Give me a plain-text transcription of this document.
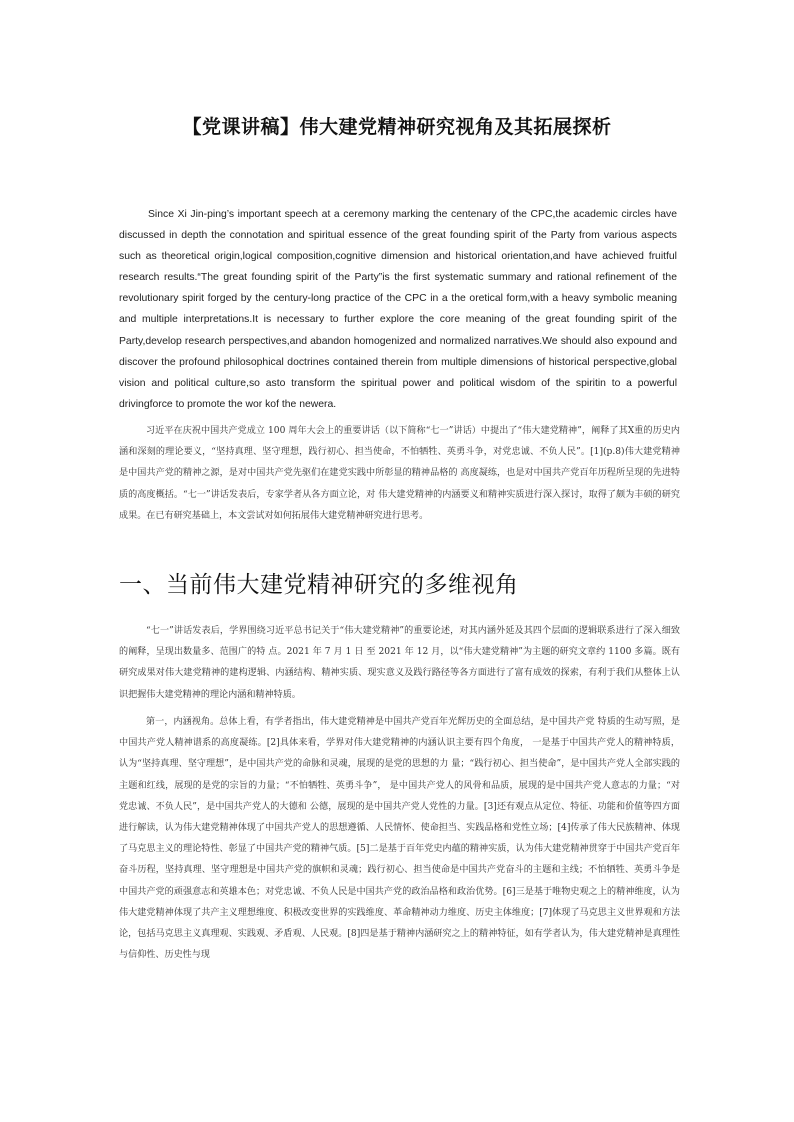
【党课讲稿】伟大建党精神研究视角及其拓展探析

Since Xi Jin-ping’s important speech at a ceremony marking the centenary of the CPC,the academic circles have discussed in depth the connotation and spiritual essence of the great founding spirit of the Party from various aspects such as theoretical origin,logical composition,cognitive dimension and historical orientation,and have achieved fruitful research results.“The great founding spirit of the Party”is the first systematic summary and rational refinement of the revolutionary spirit forged by the century-long practice of the CPC in a the oretical form,with a heavy symbolic meaning and multiple interpretations.It is necessary to further explore the core meaning of the great founding spirit of the Party,develop research perspectives,and abandon homogenized and normalized narratives.We should also expound and discover the profound philosophical doctrines contained therein from multiple dimensions of historical perspective,global vision and political culture,so asto transform the spiritual power and political wisdom of the spiritin to a powerful drivingforce to promote the wor kof the newera.

习近平在庆祝中国共产党成立 100 周年大会上的重要讲话（以下简称“七一”讲话）中提出了“伟大建党精神”，阐释了其X重的历史内涵和深刻的理论要义，“坚持真理、坚守理想，践行初心、担当使命，不怕牺牲、英勇斗争，对党忠诚、不负人民”。[1](p.8)伟大建党精神是中国共产党的精神之源，是对中国共产党先驱们在建党实践中所彰显的精神品格的 高度凝练，也是对中国共产党百年历程所呈现的先进特质的高度概括。“七一”讲话发表后，专家学者从各方面立论，对 伟大建党精神的内涵要义和精神实质进行深入探讨，取得了颇为丰硕的研究成果。在已有研究基础上，本文尝试对如何拓展伟大建党精神研究进行思考。

一、当前伟大建党精神研究的多维视角

“七一”讲话发表后，学界围绕习近平总书记关于“伟大建党精神”的重要论述，对其内涵外延及其四个层面的逻辑联系进行了深入细致的阐释，呈现出数量多、范围广的特 点。2021 年 7 月 1 日 至 2021 年 12 月，以“伟大建党精神”为主题的研究文章约 1100 多篇。既有研究成果对伟大建党精神的建构逻辑、内涵结构、精神实质、现实意义及践行路径等各方面进行了富有成效的探索，有利于我们从整体上认识把握伟大建党精神的理论内涵和精神特质。

第一，内涵视角。总体上看，有学者指出，伟大建党精神是中国共产党百年光辉历史的全面总结，是中国共产党 特质的生动写照，是中国共产党人精神谱系的高度凝练。[2]具体来看，学界对伟大建党精神的内涵认识主要有四个角度， 一是基于中国共产党人的精神特质，认为“坚持真理、坚守理想”，是中国共产党的命脉和灵魂，展现的是党的思想的力 量；“践行初心、担当使命”，是中国共产党人全部实践的主题和红线，展现的是党的宗旨的力量；“不怕牺牲、英勇斗争”， 是中国共产党人的风骨和品质，展现的是中国共产党人意志的力量；“对党忠诚、不负人民”，是中国共产党人的大德和 公德，展现的是中国共产党人党性的力量。[3]还有观点从定位、特征、功能和价值等四方面进行解读，认为伟大建党精神体现了中国共产党人的思想遵循、人民情怀、使命担当、实践品格和党性立场；[4]传承了伟大民族精神、体现了马克思主义的理论特性、彰显了中国共产党的精神气质。[5]二是基于百年党史内蕴的精神实质，认为伟大建党精神贯穿于中国共产党百年奋斗历程，坚持真理、坚守理想是中国共产党的旗帜和灵魂；践行初心、担当使命是中国共产党奋斗的主题和主线；不怕牺牲、英勇斗争是中国共产党的顽强意志和英雄本色；对党忠诚、不负人民是中国共产党的政治品格和政治优势。[6]三是基于唯物史观之上的精神维度，认为伟大建党精神体现了共产主义理想维度、积极改变世界的实践维度、革命精神动力维度、历史主体维度；[7]体现了马克思主义世界观和方法论，包括马克思主义真理观、实践观、矛盾观、人民观。[8]四是基于精神内涵研究之上的精神特征，如有学者认为，伟大建党精神是真理性与信仰性、历史性与现
